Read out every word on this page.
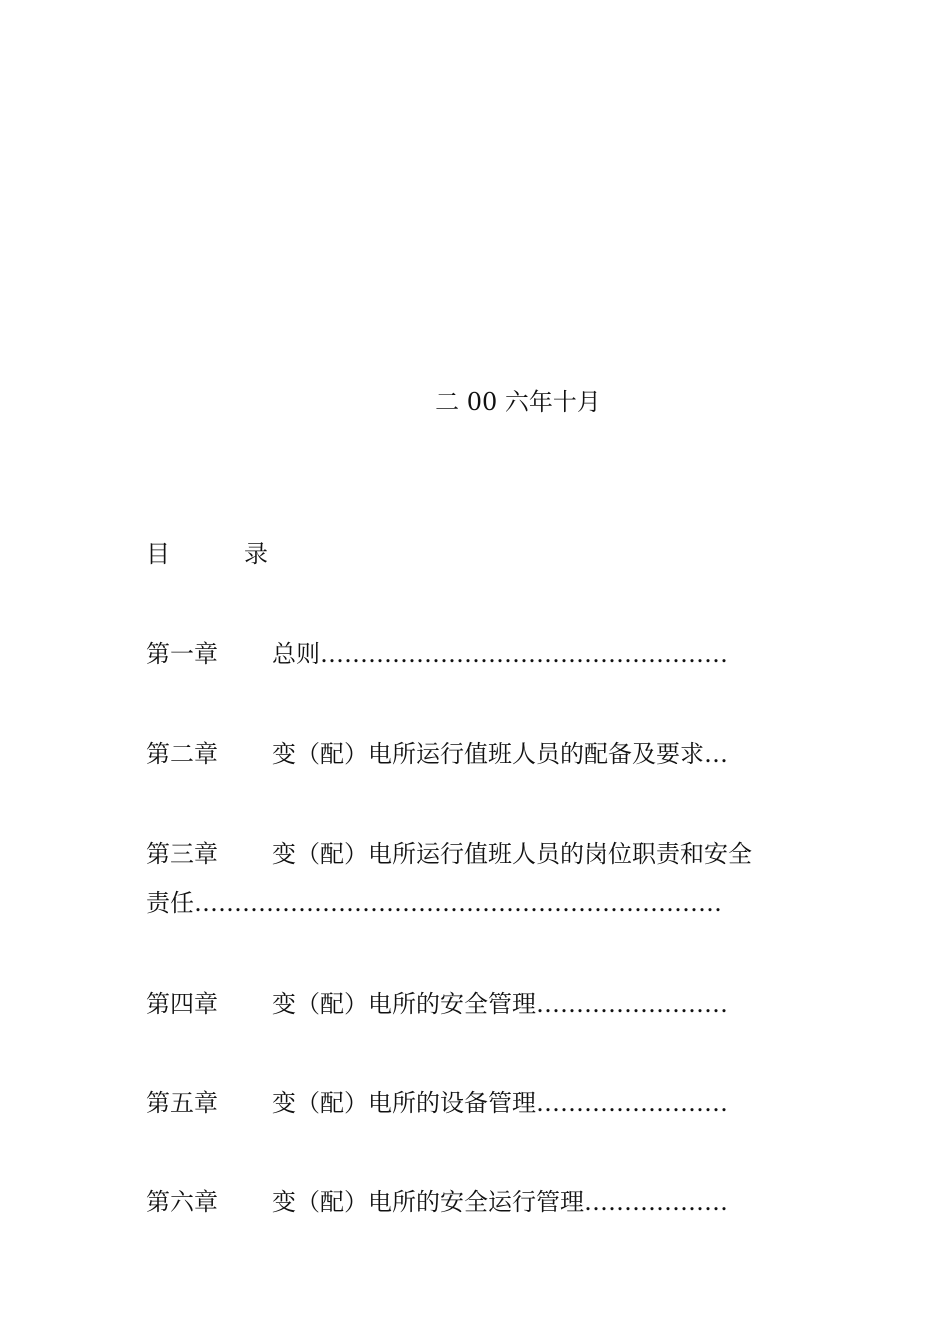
二 00 六年十月
目	录
第一章 总则……………………………………………
第二章 变（配）电所运行值班人员的配备及要求…
第三章 变（配）电所运行值班人员的岗位职责和安全
责任…………………………………………………………
第四章 变（配）电所的安全管理……………………
第五章 变（配）电所的设备管理……………………
第六章 变（配）电所的安全运行管理………………
